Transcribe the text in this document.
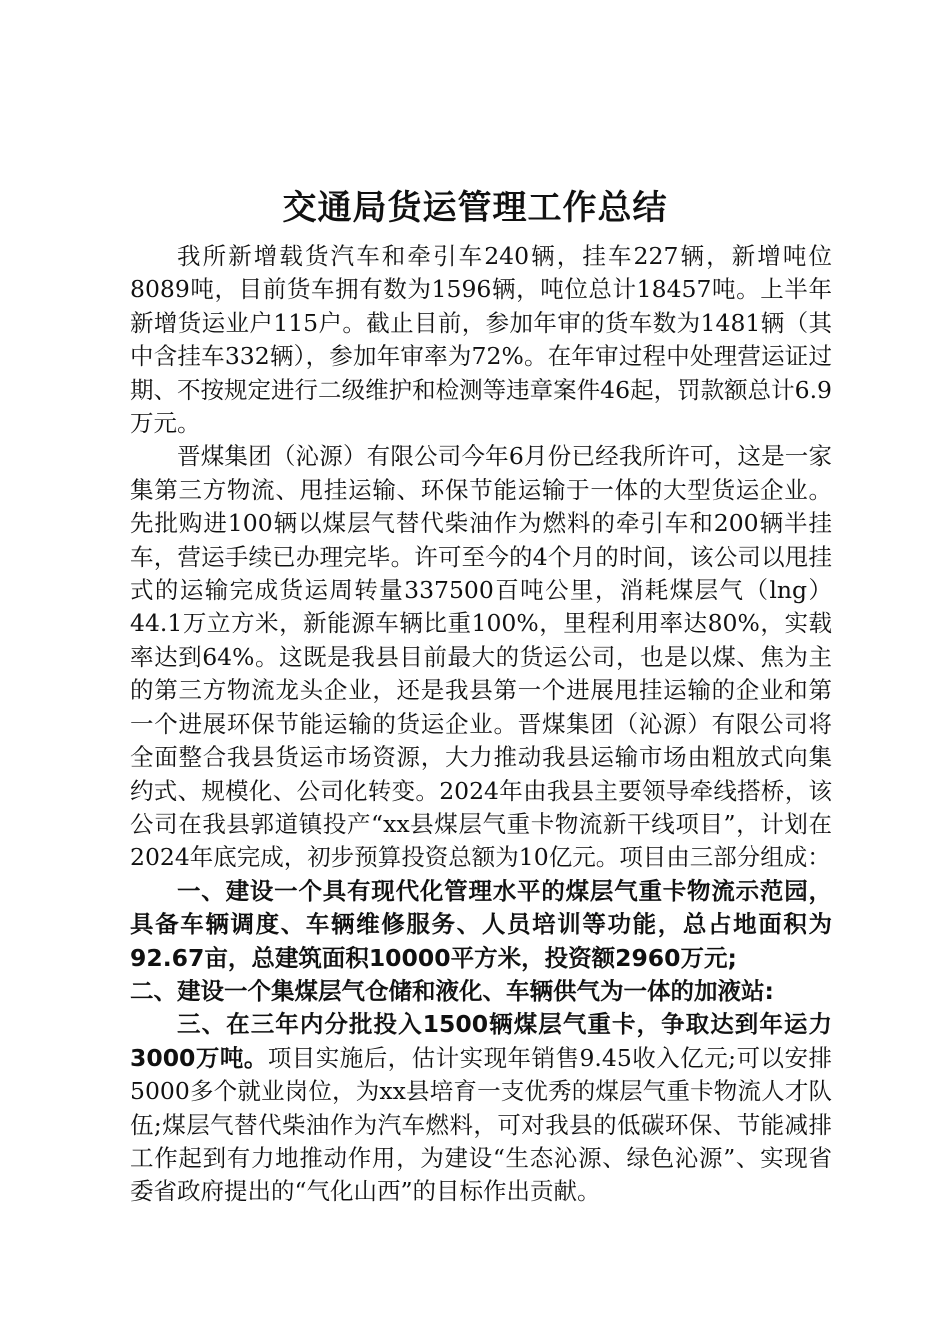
交通局货运管理工作总结

我所新增载货汽车和牵引车240辆，挂车227辆，新增吨位8089吨，目前货车拥有数为1596辆，吨位总计18457吨。上半年新增货运业户115户。截止目前，参加年审的货车数为1481辆（其中含挂车332辆），参加年审率为72%。在年审过程中处理营运证过期、不按规定进行二级维护和检测等违章案件46起，罚款额总计6.9万元。

晋煤集团（沁源）有限公司今年6月份已经我所许可，这是一家集第三方物流、甩挂运输、环保节能运输于一体的大型货运企业。先批购进100辆以煤层气替代柴油作为燃料的牵引车和200辆半挂车，营运手续已办理完毕。许可至今的4个月的时间，该公司以甩挂式的运输完成货运周转量337500百吨公里，消耗煤层气（lng）44.1万立方米，新能源车辆比重100%，里程利用率达80%，实载率达到64%。这既是我县目前最大的货运公司，也是以煤、焦为主的第三方物流龙头企业，还是我县第一个进展甩挂运输的企业和第一个进展环保节能运输的货运企业。晋煤集团（沁源）有限公司将全面整合我县货运市场资源，大力推动我县运输市场由粗放式向集约式、规模化、公司化转变。2024年由我县主要领导牵线搭桥，该公司在我县郭道镇投产“xx县煤层气重卡物流新干线项目”，计划在2024年底完成，初步预算投资总额为10亿元。项目由三部分组成：

一、建设一个具有现代化管理水平的煤层气重卡物流示范园，具备车辆调度、车辆维修服务、人员培训等功能，总占地面积为92.67亩，总建筑面积10000平方米，投资额2960万元;

二、建设一个集煤层气仓储和液化、车辆供气为一体的加液站:

三、在三年内分批投入1500辆煤层气重卡，争取达到年运力3000万吨。项目实施后，估计实现年销售9.45收入亿元;可以安排5000多个就业岗位，为xx县培育一支优秀的煤层气重卡物流人才队伍;煤层气替代柴油作为汽车燃料，可对我县的低碳环保、节能减排工作起到有力地推动作用，为建设“生态沁源、绿色沁源”、实现省委省政府提出的“气化山西”的目标作出贡献。
